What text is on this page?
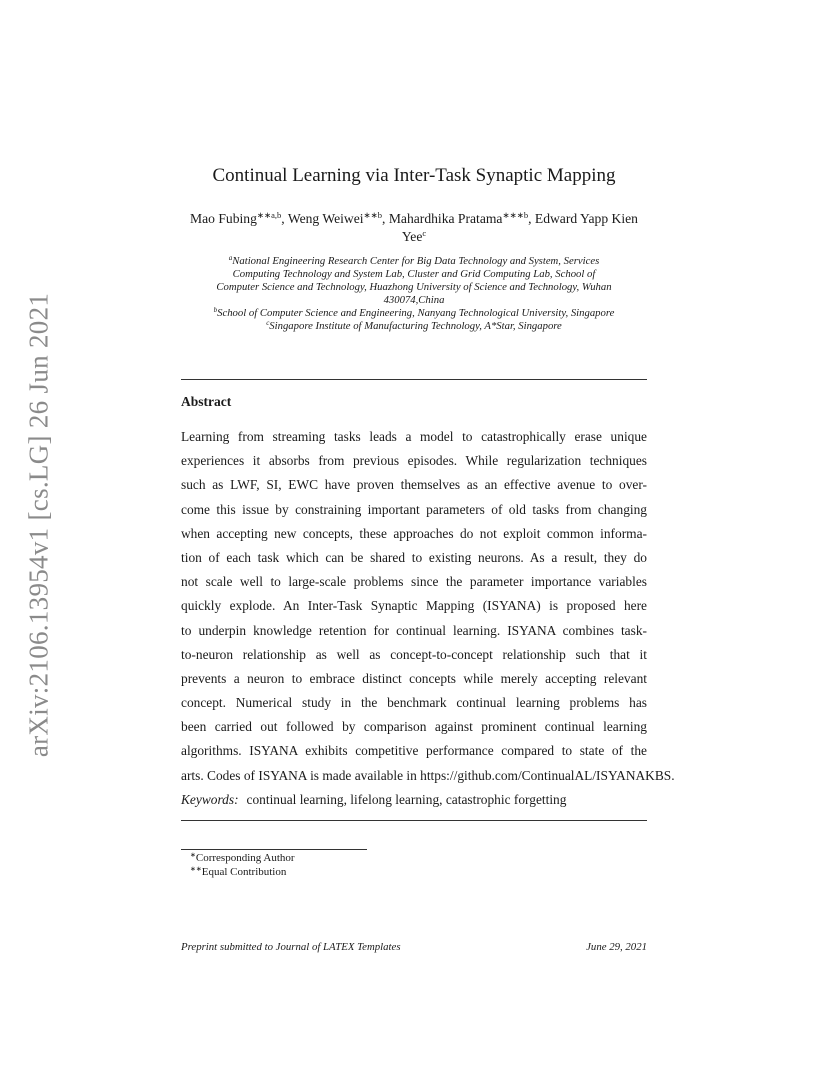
arXiv:2106.13954v1 [cs.LG] 26 Jun 2021
Continual Learning via Inter-Task Synaptic Mapping
Mao Fubing$^{∗∗a,b}$, Weng Weiwei$^{∗∗b}$, Mahardhika Pratama$^{∗∗∗b}$, Edward Yapp Kien Yee$^c$
$^a$National Engineering Research Center for Big Data Technology and System, Services
Computing Technology and System Lab, Cluster and Grid Computing Lab, School of
Computer Science and Technology, Huazhong University of Science and Technology, Wuhan
430074,China
$^b$School of Computer Science and Engineering, Nanyang Technological University, Singapore
$^c$Singapore Institute of Manufacturing Technology, A*Star, Singapore
Abstract
Learning from streaming tasks leads a model to catastrophically erase unique
experiences it absorbs from previous episodes. While regularization techniques
such as LWF, SI, EWC have proven themselves as an effective avenue to over-
come this issue by constraining important parameters of old tasks from changing
when accepting new concepts, these approaches do not exploit common informa-
tion of each task which can be shared to existing neurons. As a result, they do
not scale well to large-scale problems since the parameter importance variables
quickly explode. An Inter-Task Synaptic Mapping (ISYANA) is proposed here
to underpin knowledge retention for continual learning. ISYANA combines task-
to-neuron relationship as well as concept-to-concept relationship such that it
prevents a neuron to embrace distinct concepts while merely accepting relevant
concept. Numerical study in the benchmark continual learning problems has
been carried out followed by comparison against prominent continual learning
algorithms. ISYANA exhibits competitive performance compared to state of the
arts. Codes of ISYANA is made available in https://github.com/ContinualAL/ISYANAKBS.
Keywords: continual learning, lifelong learning, catastrophic forgetting
∗Corresponding Author
∗∗Equal Contribution
Preprint submitted to Journal of LATEX Templates	June 29, 2021
